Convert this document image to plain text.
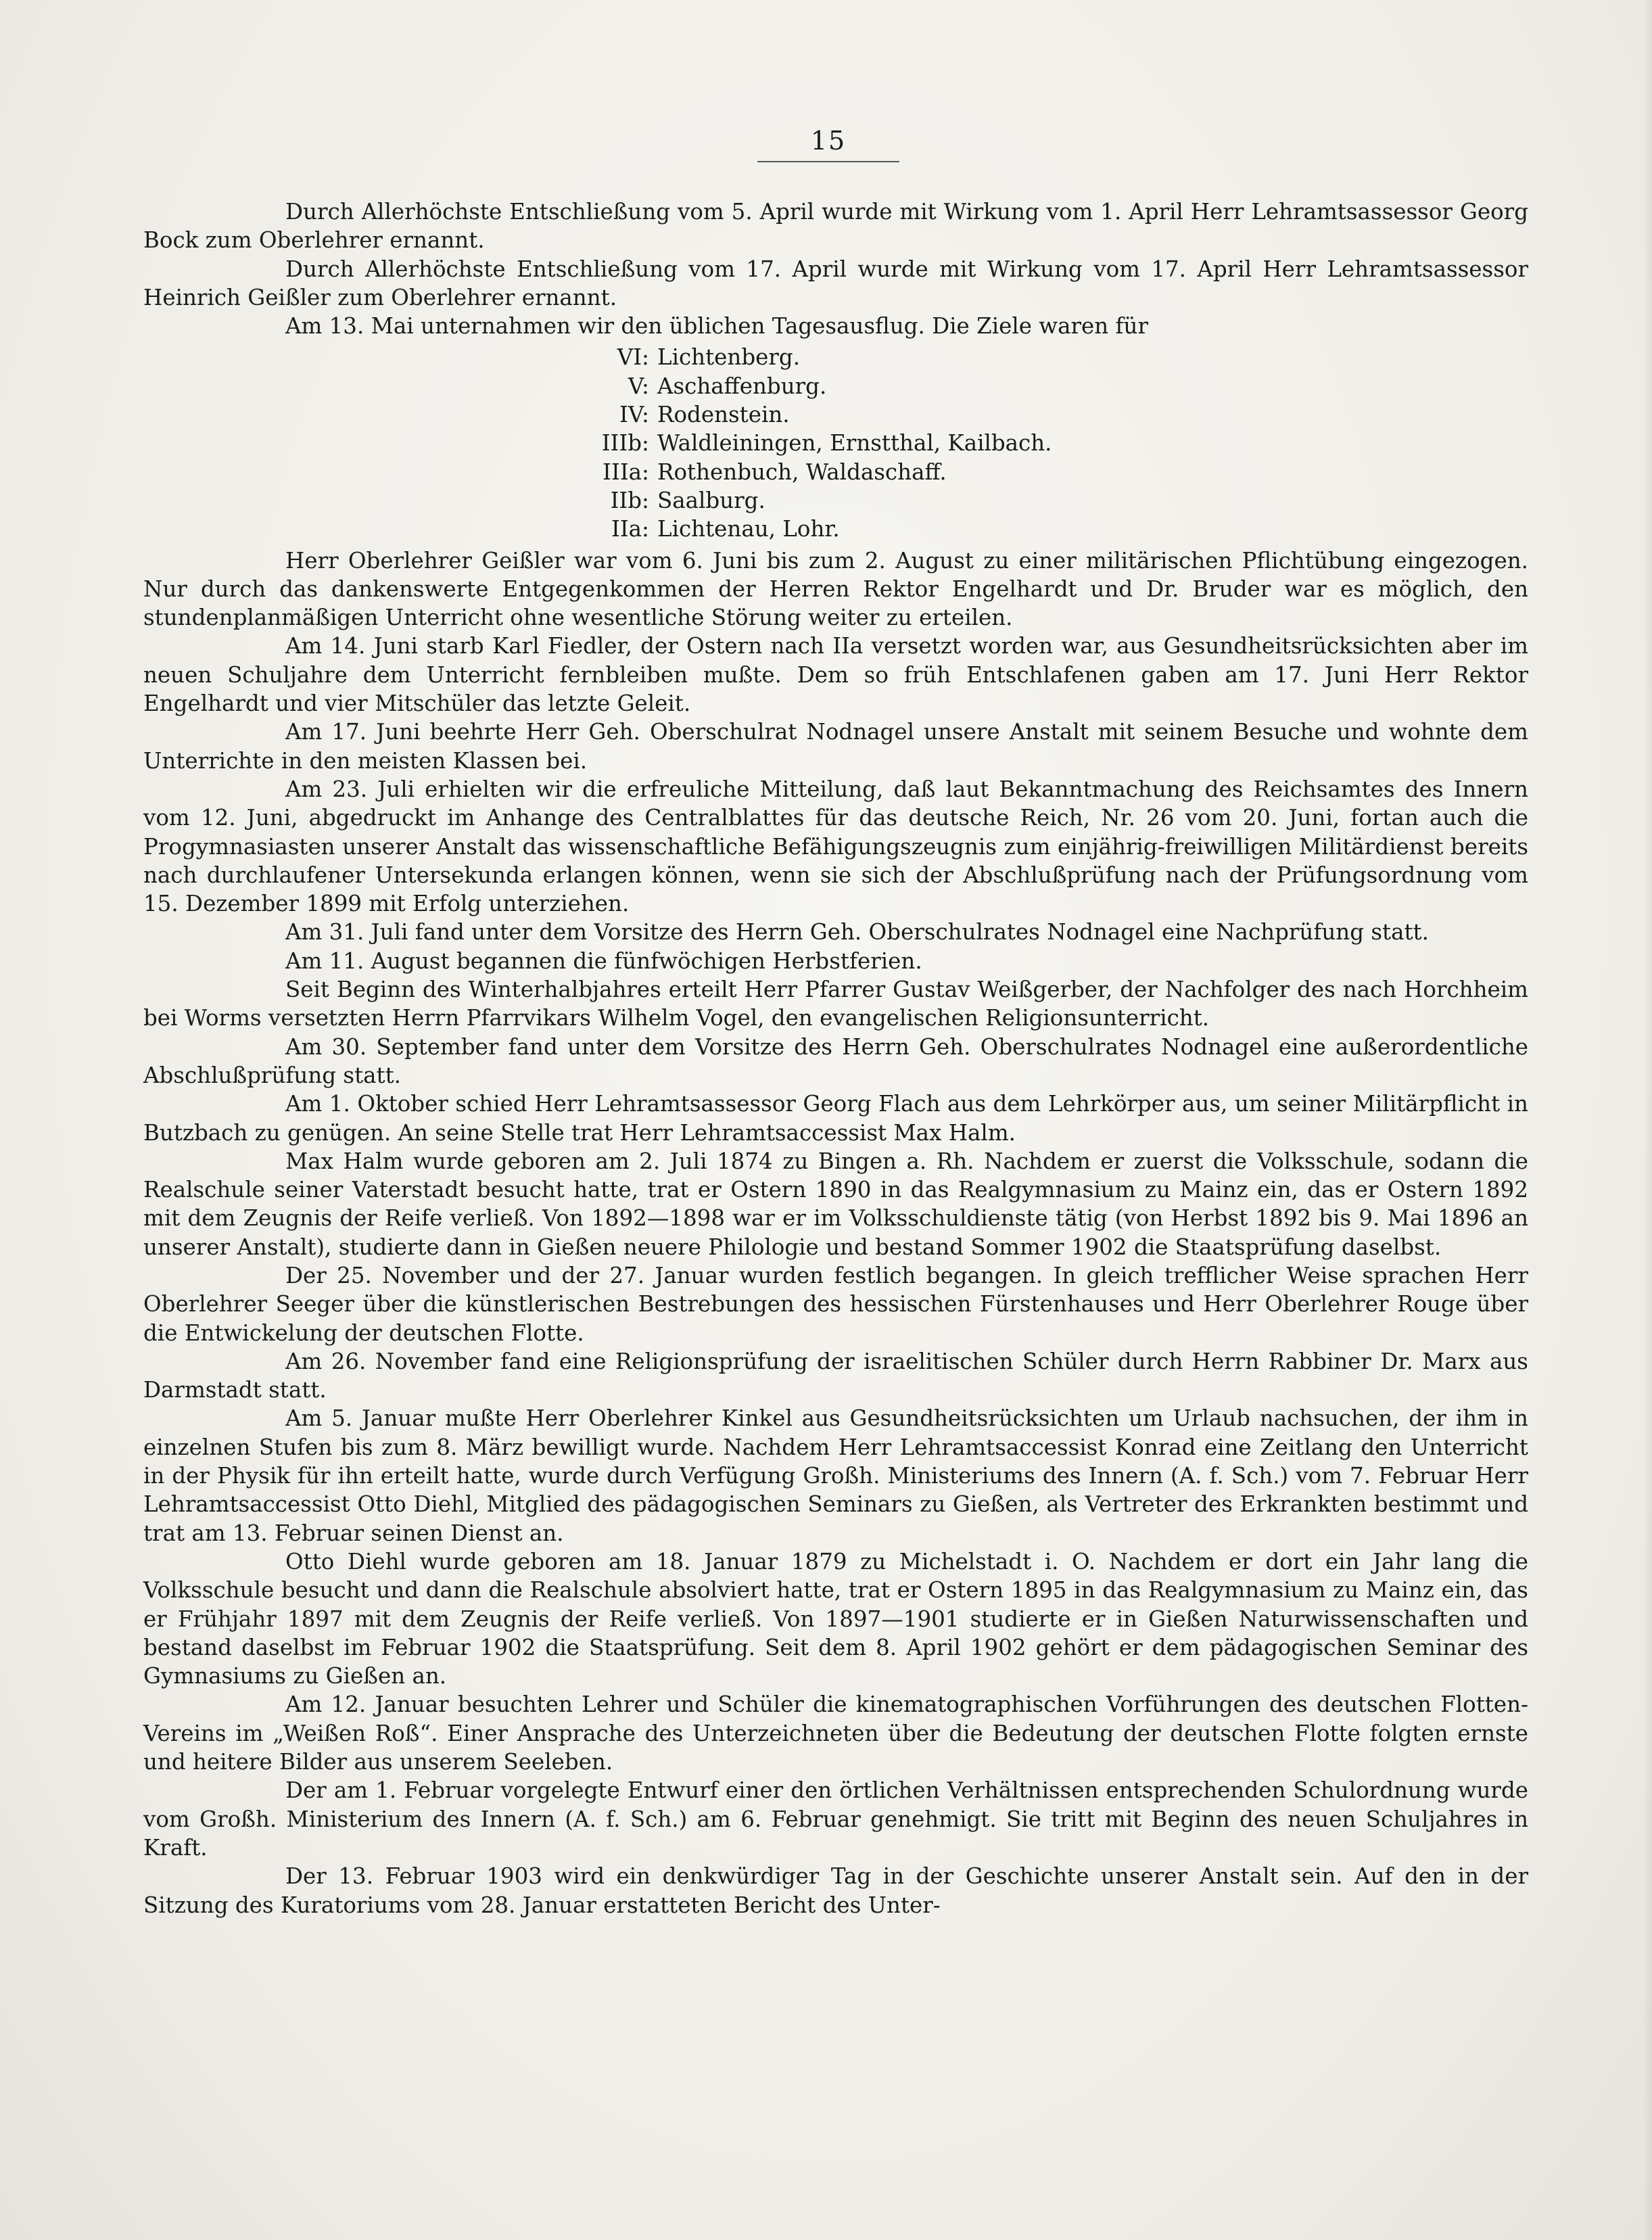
15

Durch Allerhöchste Entschließung vom 5. April wurde mit Wirkung vom 1. April Herr Lehramtsassessor Georg Bock zum Oberlehrer ernannt.

Durch Allerhöchste Entschließung vom 17. April wurde mit Wirkung vom 17. April Herr Lehramtsassessor Heinrich Geißler zum Oberlehrer ernannt.

Am 13. Mai unternahmen wir den üblichen Tagesausflug. Die Ziele waren für

VI: Lichtenberg.
V: Aschaffenburg.
IV: Rodenstein.
IIIb: Waldleiningen, Ernstthal, Kailbach.
IIIa: Rothenbuch, Waldaschaff.
IIb: Saalburg.
IIa: Lichtenau, Lohr.

Herr Oberlehrer Geißler war vom 6. Juni bis zum 2. August zu einer militärischen Pflichtübung eingezogen. Nur durch das dankenswerte Entgegenkommen der Herren Rektor Engelhardt und Dr. Bruder war es möglich, den stundenplanmäßigen Unterricht ohne wesentliche Störung weiter zu erteilen.

Am 14. Juni starb Karl Fiedler, der Ostern nach IIa versetzt worden war, aus Gesundheitsrücksichten aber im neuen Schuljahre dem Unterricht fernbleiben mußte. Dem so früh Entschlafenen gaben am 17. Juni Herr Rektor Engelhardt und vier Mitschüler das letzte Geleit.

Am 17. Juni beehrte Herr Geh. Oberschulrat Nodnagel unsere Anstalt mit seinem Besuche und wohnte dem Unterrichte in den meisten Klassen bei.

Am 23. Juli erhielten wir die erfreuliche Mitteilung, daß laut Bekanntmachung des Reichsamtes des Innern vom 12. Juni, abgedruckt im Anhange des Centralblattes für das deutsche Reich, Nr. 26 vom 20. Juni, fortan auch die Progymnasiasten unserer Anstalt das wissenschaftliche Befähigungszeugnis zum einjährig-freiwilligen Militärdienst bereits nach durchlaufener Untersekunda erlangen können, wenn sie sich der Abschlußprüfung nach der Prüfungsordnung vom 15. Dezember 1899 mit Erfolg unterziehen.

Am 31. Juli fand unter dem Vorsitze des Herrn Geh. Oberschulrates Nodnagel eine Nachprüfung statt.

Am 11. August begannen die fünfwöchigen Herbstferien.

Seit Beginn des Winterhalbjahres erteilt Herr Pfarrer Gustav Weißgerber, der Nachfolger des nach Horchheim bei Worms versetzten Herrn Pfarrvikars Wilhelm Vogel, den evangelischen Religionsunterricht.

Am 30. September fand unter dem Vorsitze des Herrn Geh. Oberschulrates Nodnagel eine außerordentliche Abschlußprüfung statt.

Am 1. Oktober schied Herr Lehramtsassessor Georg Flach aus dem Lehrkörper aus, um seiner Militärpflicht in Butzbach zu genügen. An seine Stelle trat Herr Lehramtsaccessist Max Halm.

Max Halm wurde geboren am 2. Juli 1874 zu Bingen a. Rh. Nachdem er zuerst die Volksschule, sodann die Realschule seiner Vaterstadt besucht hatte, trat er Ostern 1890 in das Realgymnasium zu Mainz ein, das er Ostern 1892 mit dem Zeugnis der Reife verließ. Von 1892—1898 war er im Volksschuldienste tätig (von Herbst 1892 bis 9. Mai 1896 an unserer Anstalt), studierte dann in Gießen neuere Philologie und bestand Sommer 1902 die Staatsprüfung daselbst.

Der 25. November und der 27. Januar wurden festlich begangen. In gleich trefflicher Weise sprachen Herr Oberlehrer Seeger über die künstlerischen Bestrebungen des hessischen Fürstenhauses und Herr Oberlehrer Rouge über die Entwickelung der deutschen Flotte.

Am 26. November fand eine Religionsprüfung der israelitischen Schüler durch Herrn Rabbiner Dr. Marx aus Darmstadt statt.

Am 5. Januar mußte Herr Oberlehrer Kinkel aus Gesundheitsrücksichten um Urlaub nachsuchen, der ihm in einzelnen Stufen bis zum 8. März bewilligt wurde. Nachdem Herr Lehramtsaccessist Konrad eine Zeitlang den Unterricht in der Physik für ihn erteilt hatte, wurde durch Verfügung Großh. Ministeriums des Innern (A. f. Sch.) vom 7. Februar Herr Lehramtsaccessist Otto Diehl, Mitglied des pädagogischen Seminars zu Gießen, als Vertreter des Erkrankten bestimmt und trat am 13. Februar seinen Dienst an.

Otto Diehl wurde geboren am 18. Januar 1879 zu Michelstadt i. O. Nachdem er dort ein Jahr lang die Volksschule besucht und dann die Realschule absolviert hatte, trat er Ostern 1895 in das Realgymnasium zu Mainz ein, das er Frühjahr 1897 mit dem Zeugnis der Reife verließ. Von 1897—1901 studierte er in Gießen Naturwissenschaften und bestand daselbst im Februar 1902 die Staatsprüfung. Seit dem 8. April 1902 gehört er dem pädagogischen Seminar des Gymnasiums zu Gießen an.

Am 12. Januar besuchten Lehrer und Schüler die kinematographischen Vorführungen des deutschen Flotten-Vereins im „Weißen Roß“. Einer Ansprache des Unterzeichneten über die Bedeutung der deutschen Flotte folgten ernste und heitere Bilder aus unserem Seeleben.

Der am 1. Februar vorgelegte Entwurf einer den örtlichen Verhältnissen entsprechenden Schulordnung wurde vom Großh. Ministerium des Innern (A. f. Sch.) am 6. Februar genehmigt. Sie tritt mit Beginn des neuen Schuljahres in Kraft.

Der 13. Februar 1903 wird ein denkwürdiger Tag in der Geschichte unserer Anstalt sein. Auf den in der Sitzung des Kuratoriums vom 28. Januar erstatteten Bericht des Unter-
